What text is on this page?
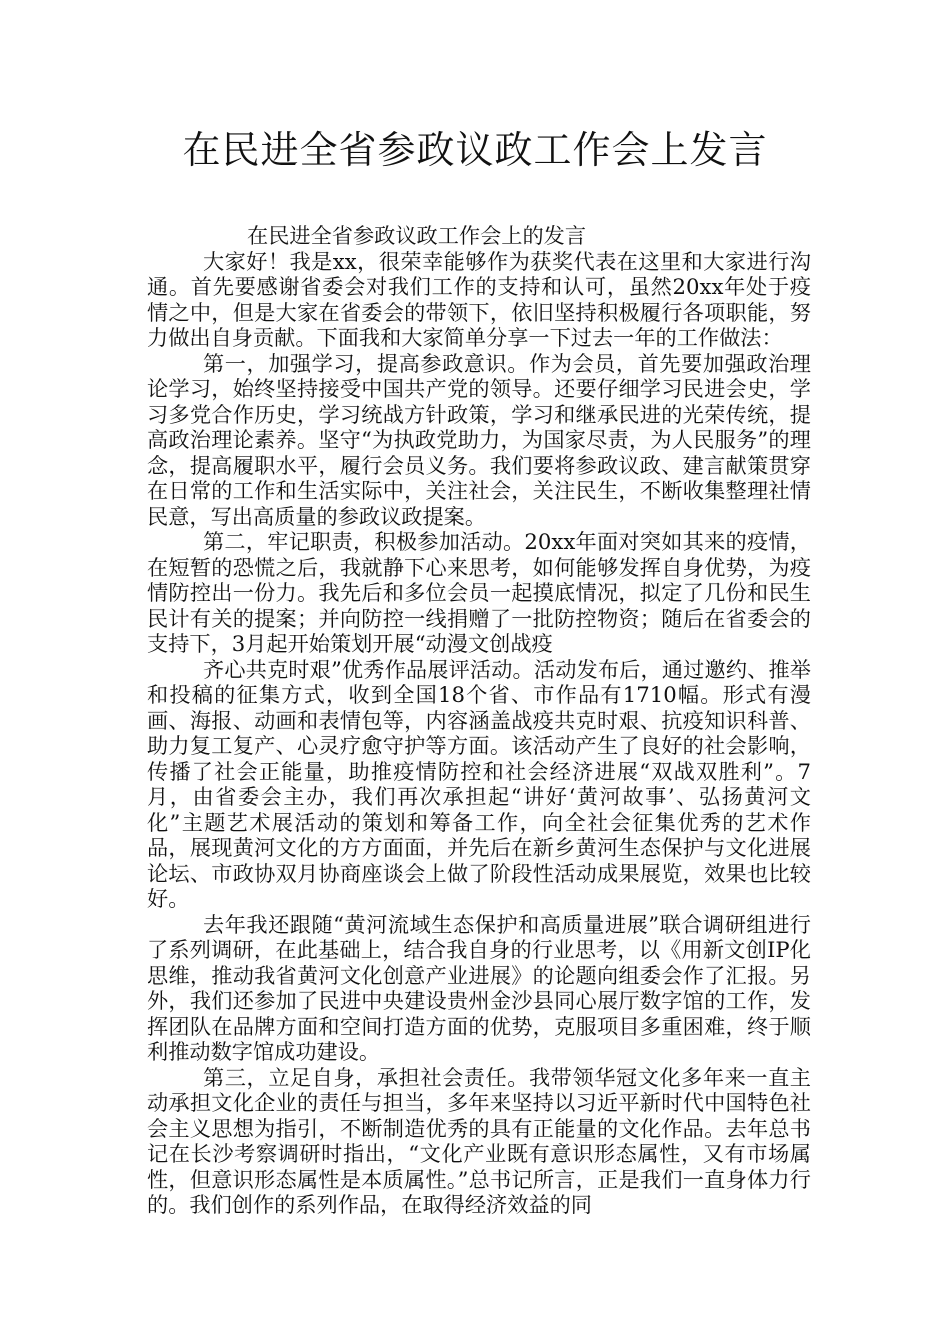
在民进全省参政议政工作会上发言

在民进全省参政议政工作会上的发言

大家好！我是xx，很荣幸能够作为获奖代表在这里和大家进行沟通。首先要感谢省委会对我们工作的支持和认可，虽然20xx年处于疫情之中，但是大家在省委会的带领下，依旧坚持积极履行各项职能，努力做出自身贡献。下面我和大家简单分享一下过去一年的工作做法：

第一，加强学习，提高参政意识。作为会员，首先要加强政治理论学习，始终坚持接受中国共产党的领导。还要仔细学习民进会史，学习多党合作历史，学习统战方针政策，学习和继承民进的光荣传统，提高政治理论素养。坚守“为执政党助力，为国家尽责，为人民服务”的理念，提高履职水平，履行会员义务。我们要将参政议政、建言献策贯穿在日常的工作和生活实际中，关注社会，关注民生，不断收集整理社情民意，写出高质量的参政议政提案。

第二，牢记职责，积极参加活动。20xx年面对突如其来的疫情，在短暂的恐慌之后，我就静下心来思考，如何能够发挥自身优势，为疫情防控出一份力。我先后和多位会员一起摸底情况，拟定了几份和民生民计有关的提案；并向防控一线捐赠了一批防控物资；随后在省委会的支持下，3月起开始策划开展“动漫文创战疫

齐心共克时艰”优秀作品展评活动。活动发布后，通过邀约、推举和投稿的征集方式，收到全国18个省、市作品有1710幅。形式有漫画、海报、动画和表情包等，内容涵盖战疫共克时艰、抗疫知识科普、助力复工复产、心灵疗愈守护等方面。该活动产生了良好的社会影响，传播了社会正能量，助推疫情防控和社会经济进展“双战双胜利”。7月，由省委会主办，我们再次承担起“讲好‘黄河故事’、弘扬黄河文化”主题艺术展活动的策划和筹备工作，向全社会征集优秀的艺术作品，展现黄河文化的方方面面，并先后在新乡黄河生态保护与文化进展论坛、市政协双月协商座谈会上做了阶段性活动成果展览，效果也比较好。

去年我还跟随“黄河流域生态保护和高质量进展”联合调研组进行了系列调研，在此基础上，结合我自身的行业思考，以《用新文创IP化思维，推动我省黄河文化创意产业进展》的论题向组委会作了汇报。另外，我们还参加了民进中央建设贵州金沙县同心展厅数字馆的工作，发挥团队在品牌方面和空间打造方面的优势，克服项目多重困难，终于顺利推动数字馆成功建设。

第三，立足自身，承担社会责任。我带领华冠文化多年来一直主动承担文化企业的责任与担当，多年来坚持以习近平新时代中国特色社会主义思想为指引，不断制造优秀的具有正能量的文化作品。去年总书记在长沙考察调研时指出，“文化产业既有意识形态属性，又有市场属性，但意识形态属性是本质属性。”总书记所言，正是我们一直身体力行的。我们创作的系列作品，在取得经济效益的同
